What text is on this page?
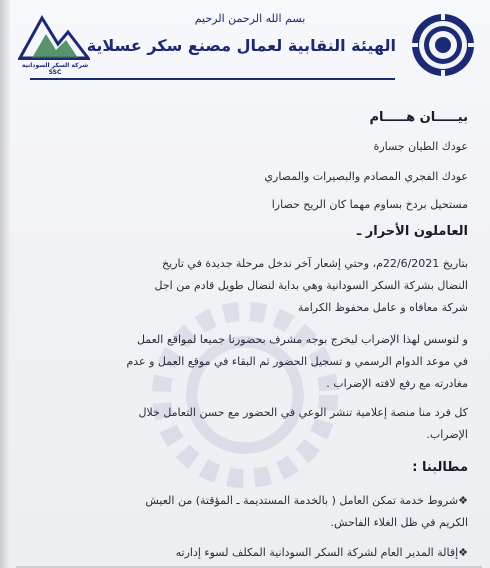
شركة السكر السودانية
SSC
بسم الله الرحمن الرحيم
الهيئة النقابية لعمال مصنع سكر عسلاية
بيـــــان هـــــام
عودك الطيان جسارة
عودك الفجري المصادم والبصيرات والمصاري
مستحيل بردخ بساوم مهما كان الريح حصارا
العاملون الأحرار ـ
بتاريخ 22/6/2021م، وحتي إشعار آخر ندخل مرحلة جديدة في تاريخ
النضال بشركة السكر السودانية وهي بداية لنضال طويل قادم من اجل
شركة معافاه و عامل محفوظ الكرامة
و لتوسس لهذا الإضراب ليخرج بوجه مشرف بحضورنا جميعا لمواقع العمل
في موعد الدوام الرسمي و تسجيل الحضور ثم البقاء في موقع العمل و عدم
مغادرته مع رفع لافته الإضراب .
كل فرد منا منصة إعلامية تنشر الوعي في الحضور مع حسن التعامل خلال
الإضراب.
مطالبنا :
❖شروط خدمة تمكن العامل ( بالخدمة المستديمة ـ المؤقتة) من العيش
الكريم في ظل الغلاء الفاحش.
❖إقالة المدير العام لشركة السكر السودانية المكلف لسوء إدارته
